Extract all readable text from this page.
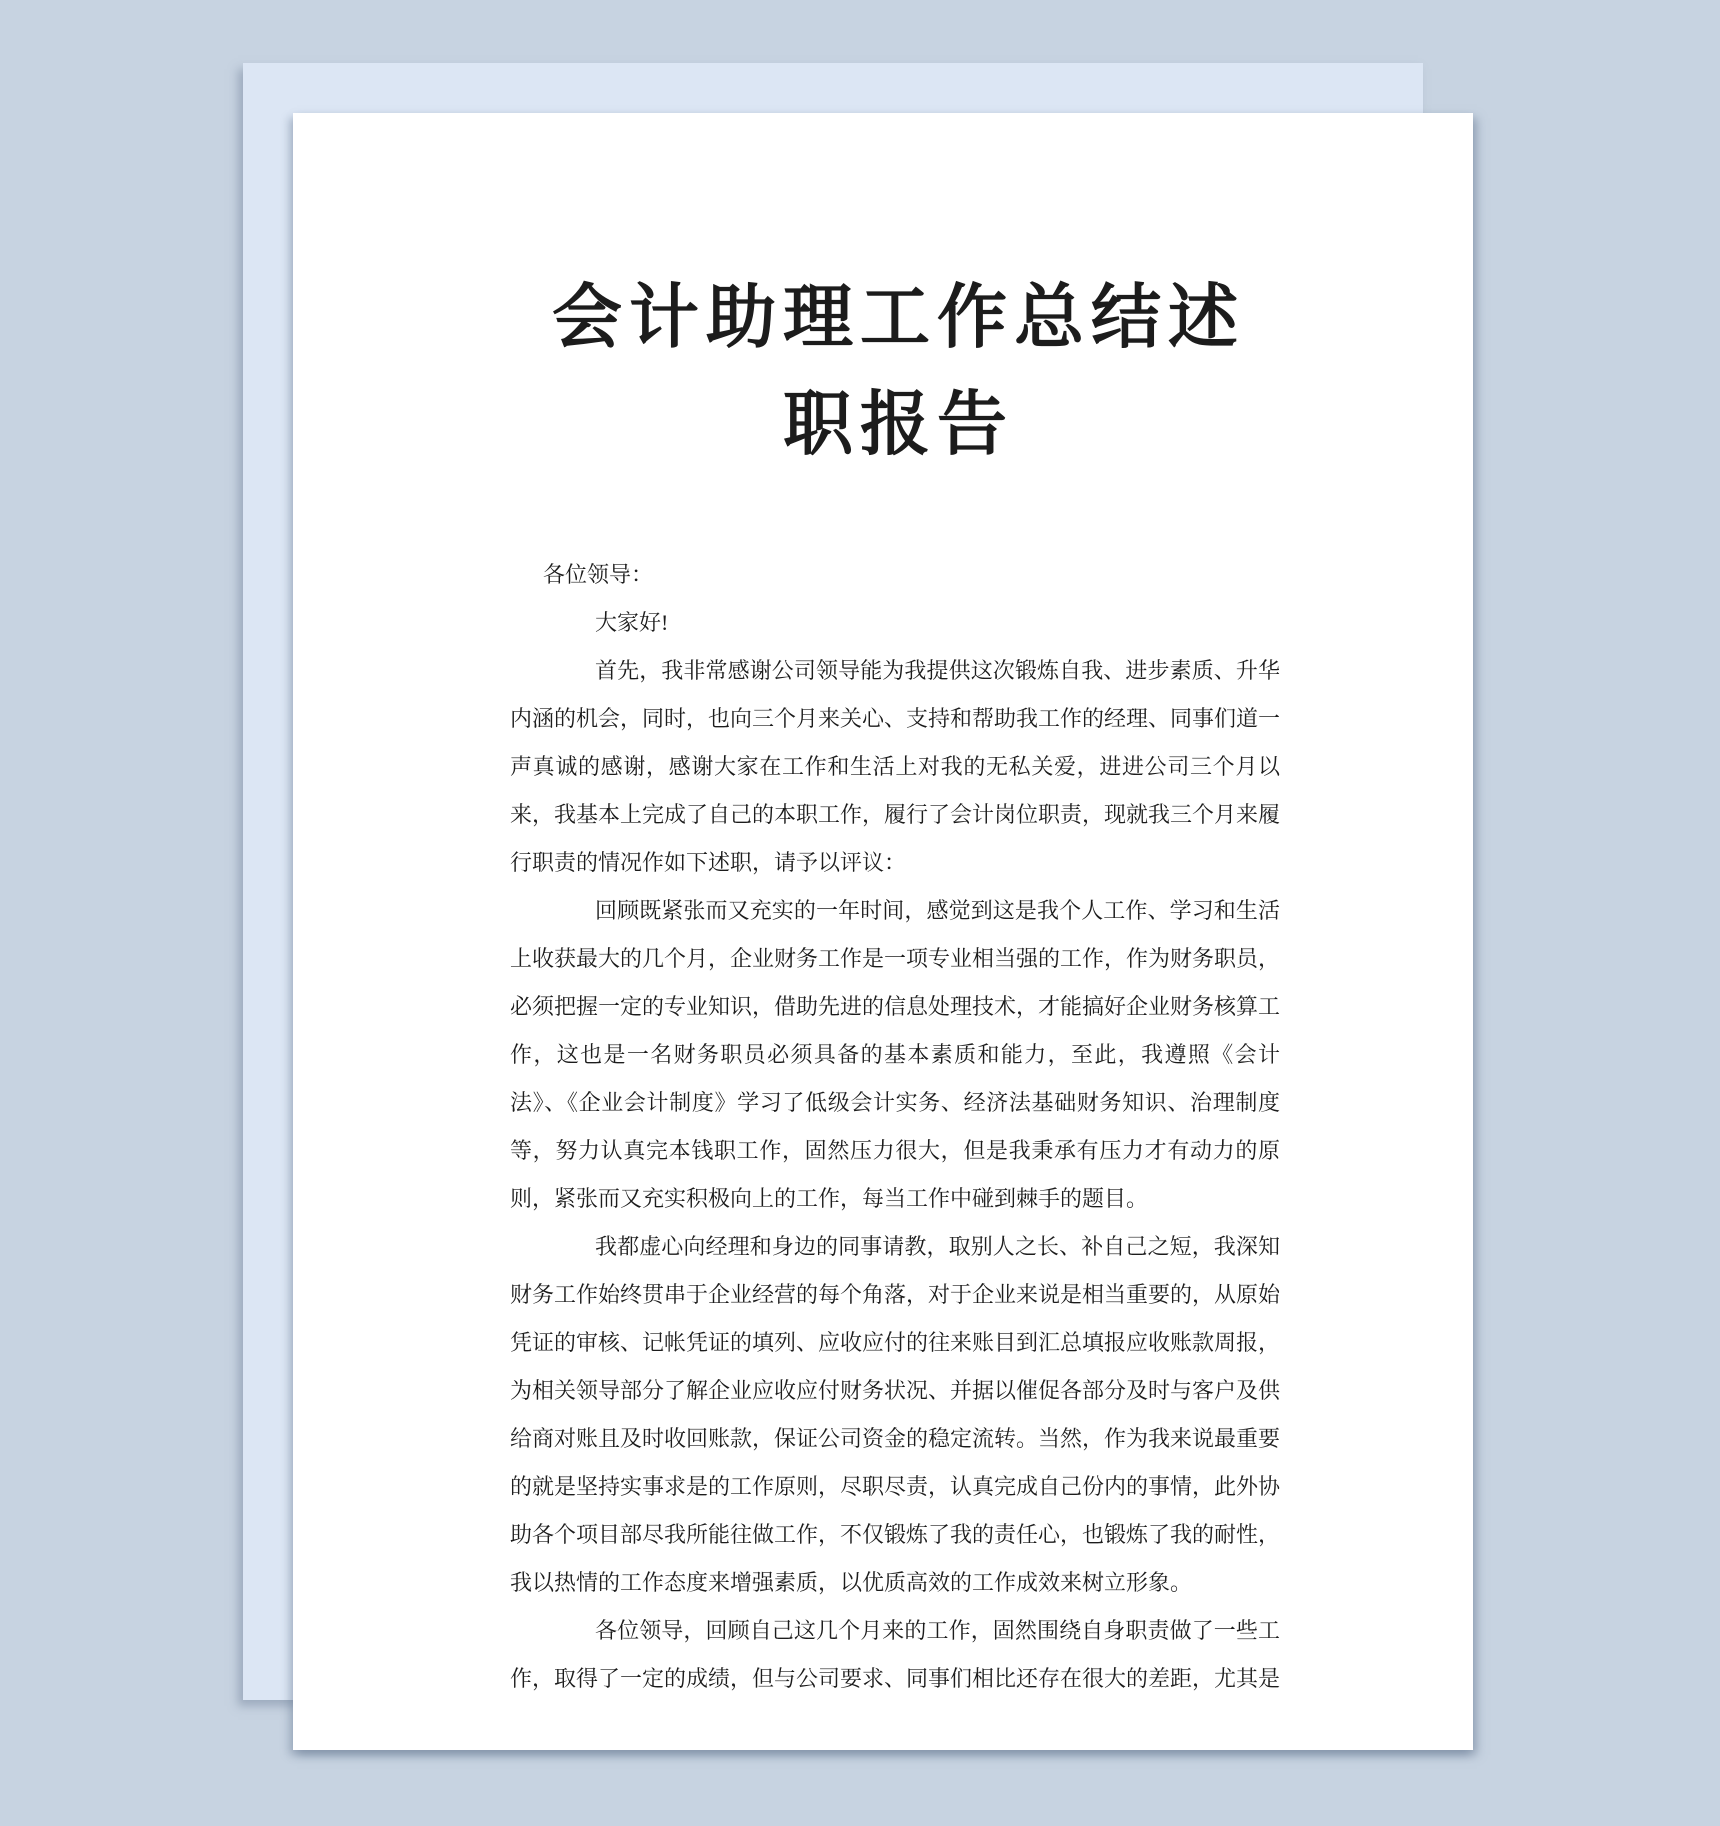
会计助理工作总结述
职报告

各位领导：

大家好!

首先，我非常感谢公司领导能为我提供这次锻炼自我、进步素质、升华内涵的机会，同时，也向三个月来关心、支持和帮助我工作的经理、同事们道一声真诚的感谢，感谢大家在工作和生活上对我的无私关爱，进进公司三个月以来，我基本上完成了自己的本职工作，履行了会计岗位职责，现就我三个月来履行职责的情况作如下述职，请予以评议：

回顾既紧张而又充实的一年时间，感觉到这是我个人工作、学习和生活上收获最大的几个月，企业财务工作是一项专业相当强的工作，作为财务职员，必须把握一定的专业知识，借助先进的信息处理技术，才能搞好企业财务核算工作，这也是一名财务职员必须具备的基本素质和能力，至此，我遵照《会计法》、《企业会计制度》学习了低级会计实务、经济法基础财务知识、治理制度等，努力认真完本钱职工作，固然压力很大，但是我秉承有压力才有动力的原则，紧张而又充实积极向上的工作，每当工作中碰到棘手的题目。

我都虚心向经理和身边的同事请教，取别人之长、补自己之短，我深知财务工作始终贯串于企业经营的每个角落，对于企业来说是相当重要的，从原始凭证的审核、记帐凭证的填列、应收应付的往来账目到汇总填报应收账款周报，为相关领导部分了解企业应收应付财务状况、并据以催促各部分及时与客户及供给商对账且及时收回账款，保证公司资金的稳定流转。当然，作为我来说最重要的就是坚持实事求是的工作原则，尽职尽责，认真完成自己份内的事情，此外协助各个项目部尽我所能往做工作，不仅锻炼了我的责任心，也锻炼了我的耐性，我以热情的工作态度来增强素质，以优质高效的工作成效来树立形象。

各位领导，回顾自己这几个月来的工作，固然围绕自身职责做了一些工作，取得了一定的成绩，但与公司要求、同事们相比还存在很大的差距，尤其是
